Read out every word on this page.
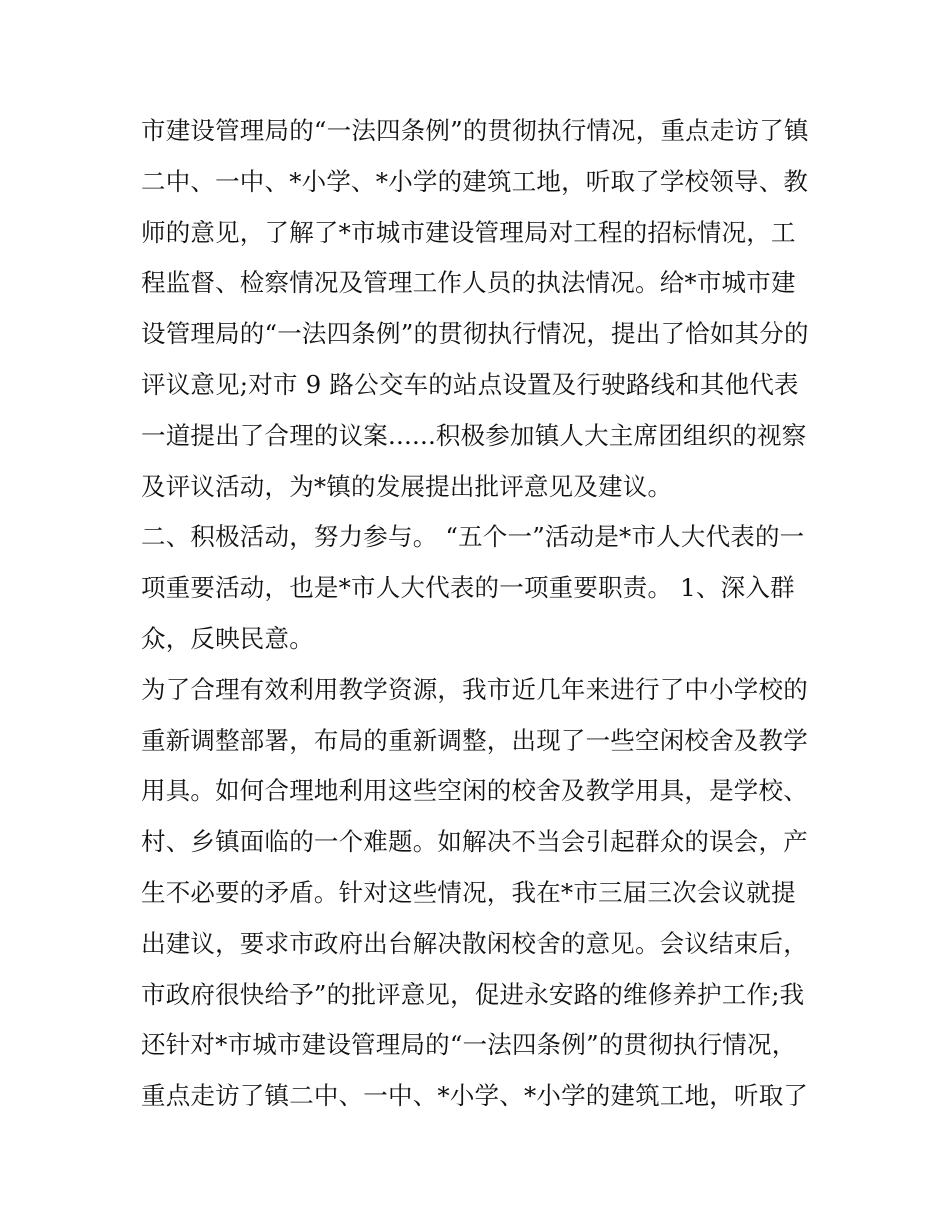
市建设管理局的“一法四条例”的贯彻执行情况，重点走访了镇
二中、一中、*小学、*小学的建筑工地，听取了学校领导、教
师的意见，了解了*市城市建设管理局对工程的招标情况，工
程监督、检察情况及管理工作人员的执法情况。给*市城市建
设管理局的“一法四条例”的贯彻执行情况，提出了恰如其分的
评议意见;对市 9 路公交车的站点设置及行驶路线和其他代表
一道提出了合理的议案......积极参加镇人大主席团组织的视察
及评议活动，为*镇的发展提出批评意见及建议。
二、积极活动，努力参与。 “五个一”活动是*市人大代表的一
项重要活动，也是*市人大代表的一项重要职责。 1、深入群
众，反映民意。
为了合理有效利用教学资源，我市近几年来进行了中小学校的
重新调整部署，布局的重新调整，出现了一些空闲校舍及教学
用具。如何合理地利用这些空闲的校舍及教学用具，是学校、
村、乡镇面临的一个难题。如解决不当会引起群众的误会，产
生不必要的矛盾。针对这些情况，我在*市三届三次会议就提
出建议，要求市政府出台解决散闲校舍的意见。会议结束后，
市政府很快给予”的批评意见，促进永安路的维修养护工作;我
还针对*市城市建设管理局的“一法四条例”的贯彻执行情况，
重点走访了镇二中、一中、*小学、*小学的建筑工地，听取了
